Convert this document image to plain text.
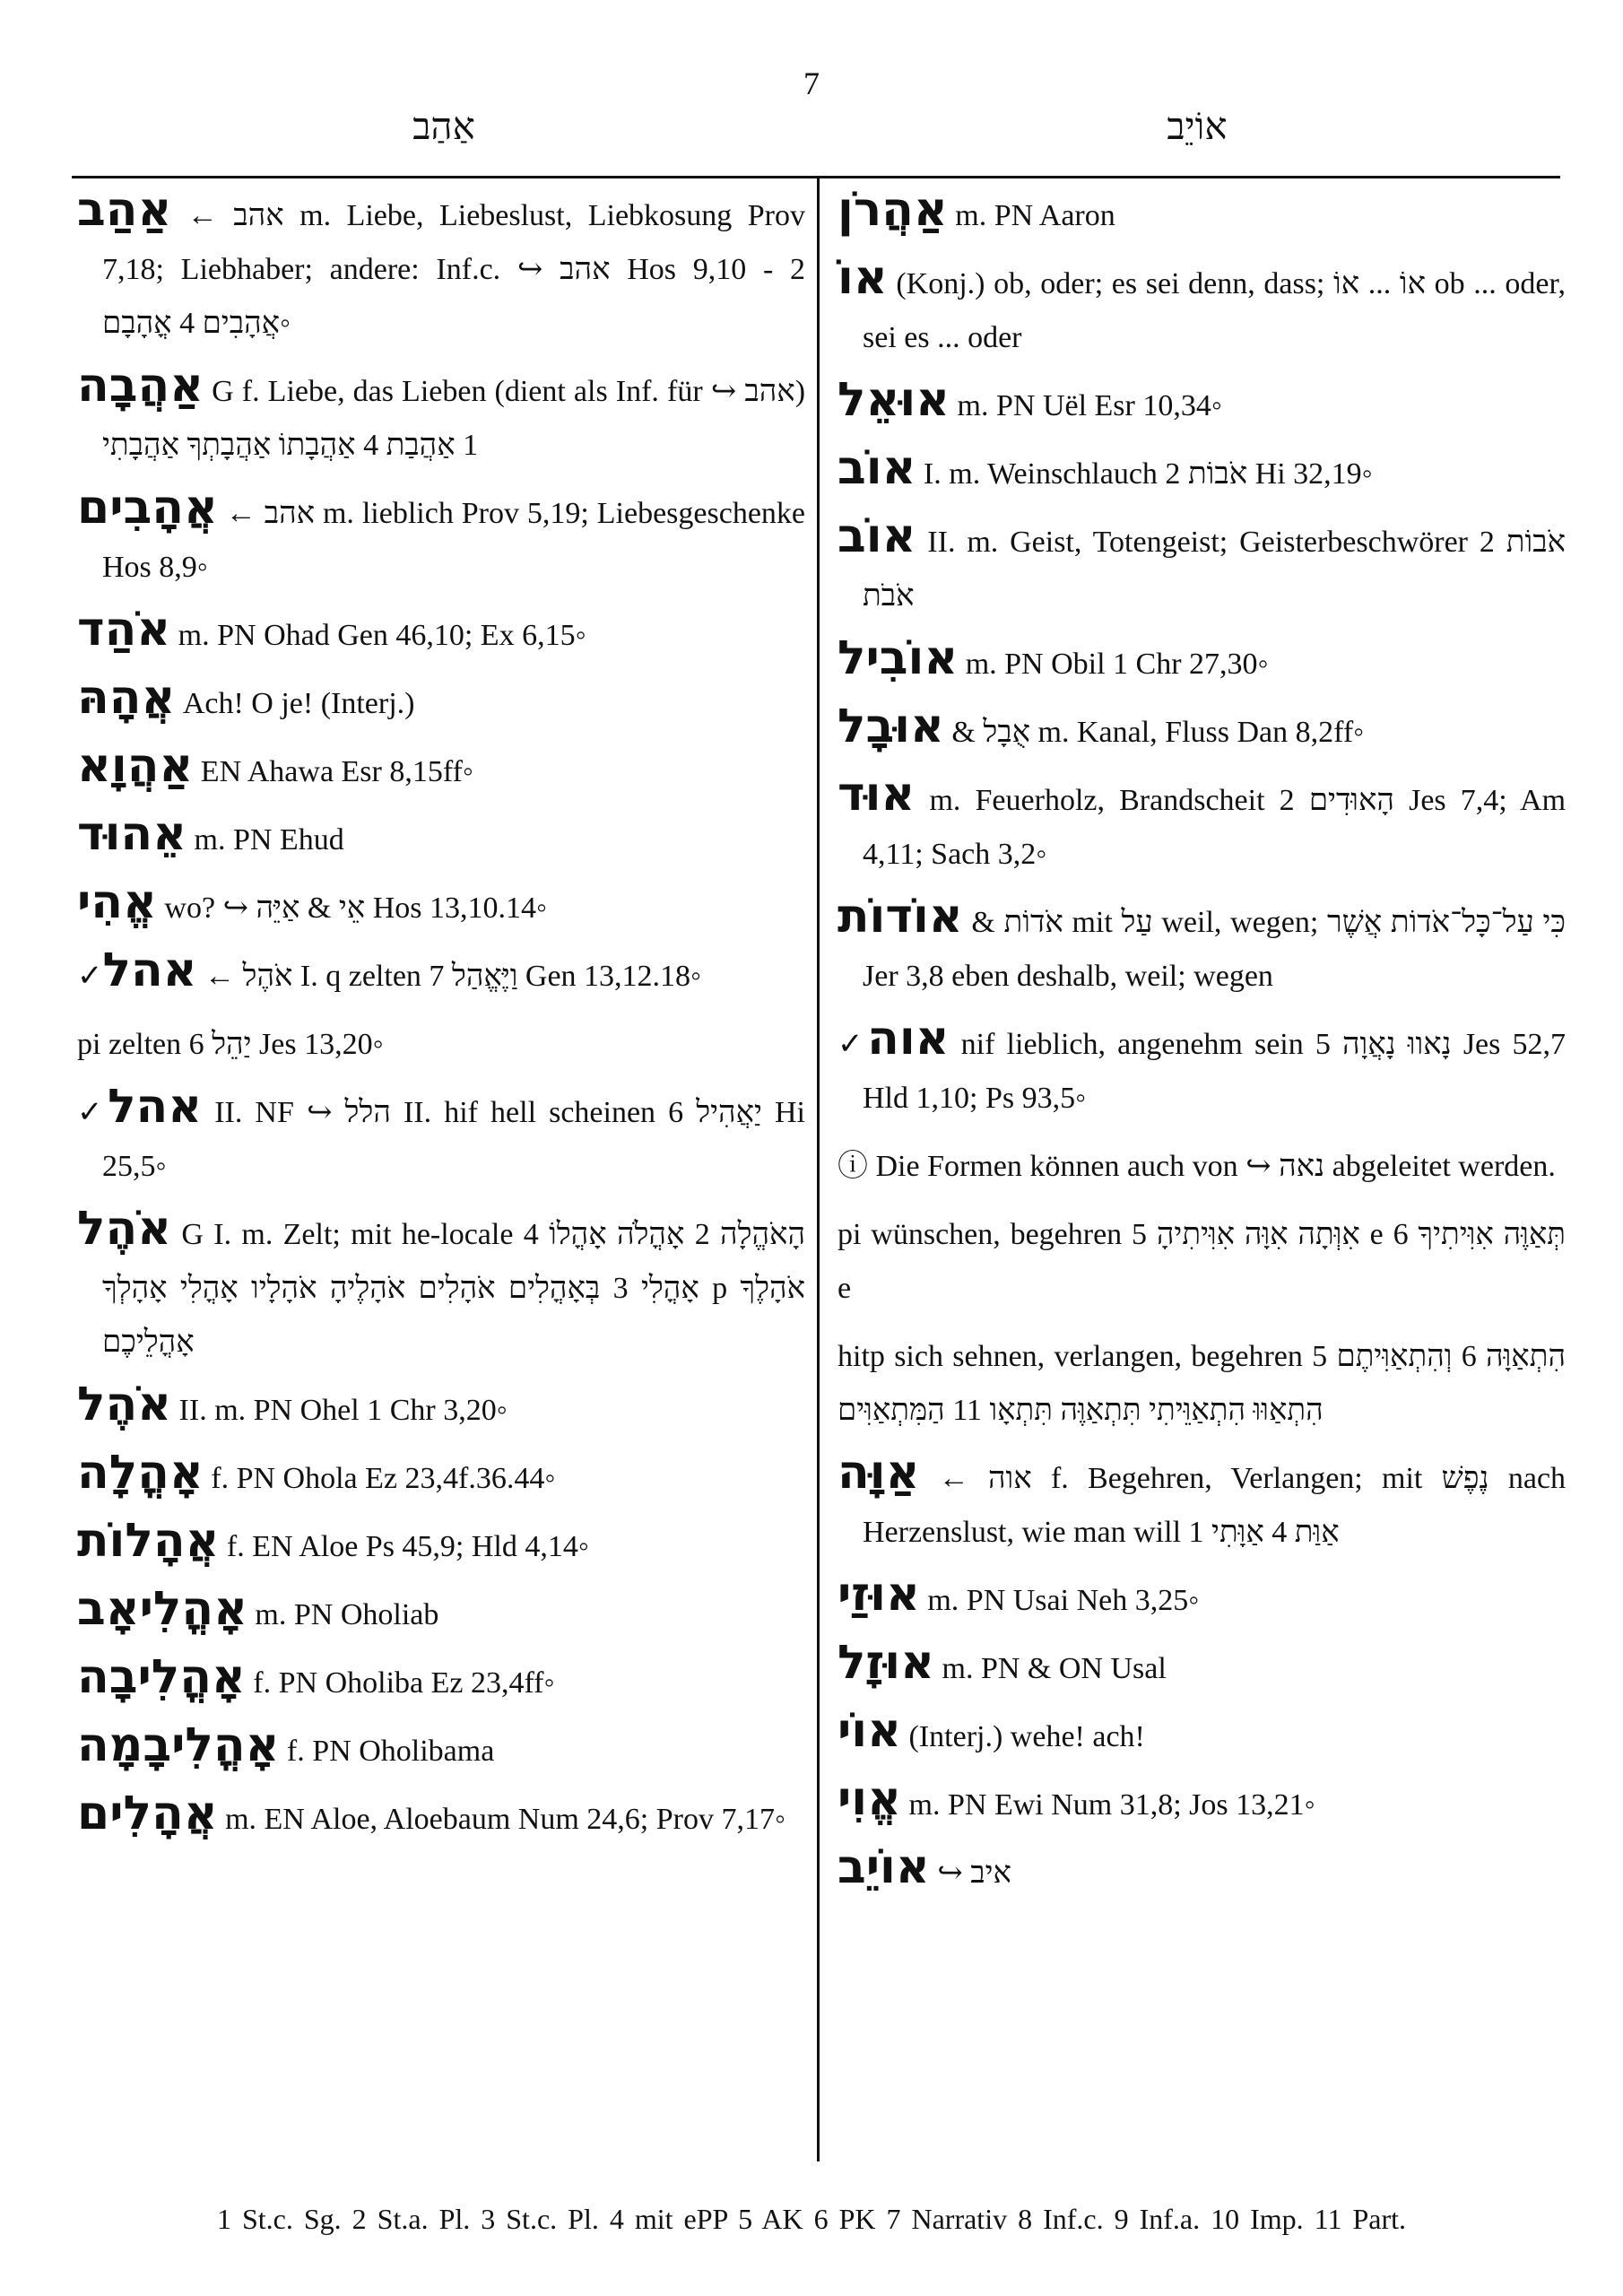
7
אַהַב	אוֹיֵב
אַהַב ← אהב m. Liebe, Liebeslust, Liebkosung Prov 7,18; Liebhaber; andere: Inf.c. ↪ אהב Hos 9,10 - 2 אֲהָבִים 4 אֳהָבָם◦
אַהֲבָה G f. Liebe, das Lieben (dient als Inf. für ↪ אהב) 1 אַהֲבַת 4 אַהֲבָתוֹ אַהֲבָתְךָ אַהֲבָתִי
אֲהָבִים ← אהב m. lieblich Prov 5,19; Liebesgeschenke Hos 8,9◦
אֹהַד m. PN Ohad Gen 46,10; Ex 6,15◦
אֲהָהּ Ach! O je! (Interj.)
אַהֲוָא EN Ahawa Esr 8,15ff◦
אֵהוּד m. PN Ehud
אֱהִי wo? ↪ אֵי & אַיֵּה Hos 13,10.14◦
✓אהל ← אֹהֶל I. q zelten 7 וַיֶּאֱהַל Gen 13,12.18◦
pi zelten 6 יַהֵל Jes 13,20◦
✓אהל II. NF ↪ הלל II. hif hell scheinen 6 יַאֲהִיל Hi 25,5◦
אֹהֶל G I. m. Zelt; mit he-locale הָאֹהֱלָה 2 אָהֳלֹה אָהֳלוֹ 4 אָהֳלִי 3 בְּאָהֳלִים אֹהָלִים אֹהָלֶיהָ אֹהָלָיו אָהֳלִי אָהָלְךָ p אֹהָלֶךָ אָהֳלֵיכֶם
אֹהֶל II. m. PN Ohel 1 Chr 3,20◦
אָהֳלָה f. PN Ohola Ez 23,4f.36.44◦
אֲהָלוֹת f. EN Aloe Ps 45,9; Hld 4,14◦
אָהֳלִיאָב m. PN Oholiab
אָהֳלִיבָה f. PN Oholiba Ez 23,4ff◦
אָהֳלִיבָמָה f. PN Oholibama
אֲהָלִים m. EN Aloe, Aloebaum Num 24,6; Prov 7,17◦
אַהֲרֹן m. PN Aaron
אוֹ (Konj.) ob, oder; es sei denn, dass; אוֹ ... אוֹ ob ... oder, sei es ... oder
אוּאֵל m. PN Uël Esr 10,34◦
אוֹב I. m. Weinschlauch 2 אֹבוֹת Hi 32,19◦
אוֹב II. m. Geist, Totengeist; Geisterbeschwörer 2 אֹבוֹת אֹבֹת
אוֹבִיל m. PN Obil 1 Chr 27,30◦
אוּבָל & אֻבָל m. Kanal, Fluss Dan 8,2ff◦
אוּד m. Feuerholz, Brandscheit 2 הָאוּדִים Jes 7,4; Am 4,11; Sach 3,2◦
אוֹדוֹת & אֹדוֹת mit עַל weil, wegen; כִּי עַל־כָּל־אֹדוֹת אֲשֶׁר Jer 3,8 eben deshalb, weil; wegen
✓אוה nif lieblich, angenehm sein 5 נָאווּ נָאֲוָה Jes 52,7 Hld 1,10; Ps 93,5◦
ⓘ Die Formen können auch von ↪ נאה abgeleitet werden.
pi wünschen, begehren 5 אִוְּתָה אִוָּה אִוִּיתִיהָ e 6 תְּאַוֶּה אִוִּיתִיךָ e
hitp sich sehnen, verlangen, begehren 5 הִתְאַוָּה 6 וְהִתְאַוִּיתֶם הִתְאַוּוּ הִתְאַוֵּיתִי תִּתְאַוֶּה תִּתְאָו 11 הַמִּתְאַוִּים
אַוָּה ← אוה f. Begehren, Verlangen; mit נֶפֶשׁ nach Herzenslust, wie man will 1 אַוַּת 4 אַוָּתִי
אוּזַי m. PN Usai Neh 3,25◦
אוּזָל m. PN & ON Usal
אוֹי (Interj.) wehe! ach!
אֱוִי m. PN Ewi Num 31,8; Jos 13,21◦
אוֹיֵב ↪ איב
1 St.c. Sg. 2 St.a. Pl. 3 St.c. Pl. 4 mit ePP 5 AK 6 PK 7 Narrativ 8 Inf.c. 9 Inf.a. 10 Imp. 11 Part.
